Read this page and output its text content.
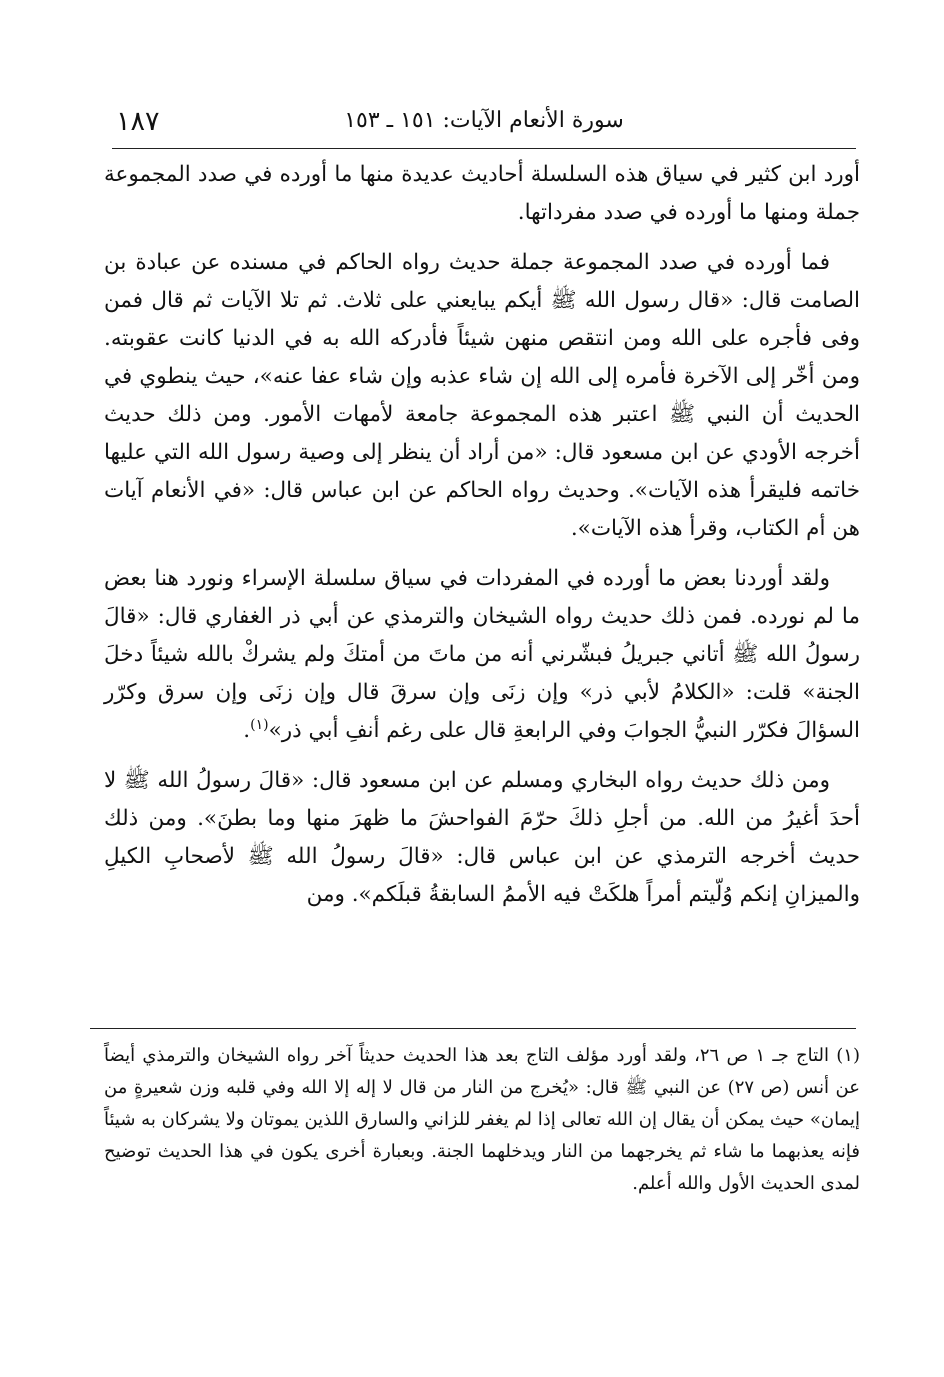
سورة الأنعام الآيات: ١٥١ ـ ١٥٣
١٨٧

أورد ابن كثير في سياق هذه السلسلة أحاديث عديدة منها ما أورده في صدد المجموعة جملة ومنها ما أورده في صدد مفرداتها.

فما أورده في صدد المجموعة جملة حديث رواه الحاكم في مسنده عن عبادة بن الصامت قال: «قال رسول الله ﷺ أيكم يبايعني على ثلاث. ثم تلا الآيات ثم قال فمن وفى فأجره على الله ومن انتقص منهن شيئاً فأدركه الله به في الدنيا كانت عقوبته. ومن أخّر إلى الآخرة فأمره إلى الله إن شاء عذبه وإن شاء عفا عنه»، حيث ينطوي في الحديث أن النبي ﷺ اعتبر هذه المجموعة جامعة لأمهات الأمور. ومن ذلك حديث أخرجه الأودي عن ابن مسعود قال: «من أراد أن ينظر إلى وصية رسول الله التي عليها خاتمه فليقرأ هذه الآيات». وحديث رواه الحاكم عن ابن عباس قال: «في الأنعام آيات هن أم الكتاب، وقرأ هذه الآيات».

ولقد أوردنا بعض ما أورده في المفردات في سياق سلسلة الإسراء ونورد هنا بعض ما لم نورده. فمن ذلك حديث رواه الشيخان والترمذي عن أبي ذر الغفاري قال: «قالَ رسولُ الله ﷺ أتاني جبريلُ فبشّرني أنه من ماتَ من أمتكَ ولم يشركْ بالله شيئاً دخلَ الجنة» قلت: «الكلامُ لأبي ذر» وإن زنَى وإن سرقَ قال وإن زنَى وإن سرق وكرّر السؤالَ فكرّر النبيُّ الجوابَ وفي الرابعةِ قال على رغم أنفِ أبي ذر»$^{(١)}$.

ومن ذلك حديث رواه البخاري ومسلم عن ابن مسعود قال: «قالَ رسولُ الله ﷺ لا أحدَ أغيرُ من الله. من أجلِ ذلكَ حرّمَ الفواحشَ ما ظهرَ منها وما بطنَ». ومن ذلك حديث أخرجه الترمذي عن ابن عباس قال: «قالَ رسولُ الله ﷺ لأصحابِ الكيلِ والميزانِ إنكم وُلّيتم أمراً هلكَتْ فيه الأممُ السابقةُ قبلَكم». ومن

(١) التاج جـ ١ ص ٢٦، ولقد أورد مؤلف التاج بعد هذا الحديث حديثاً آخر رواه الشيخان والترمذي أيضاً عن أنس (ص ٢٧) عن النبي ﷺ قال: «يُخرج من النار من قال لا إله إلا الله وفي قلبه وزن شعيرةٍ من إيمان» حيث يمكن أن يقال إن الله تعالى إذا لم يغفر للزاني والسارق اللذين يموتان ولا يشركان به شيئاً فإنه يعذبهما ما شاء ثم يخرجهما من النار ويدخلهما الجنة. وبعبارة أخرى يكون في هذا الحديث توضيح لمدى الحديث الأول والله أعلم.
